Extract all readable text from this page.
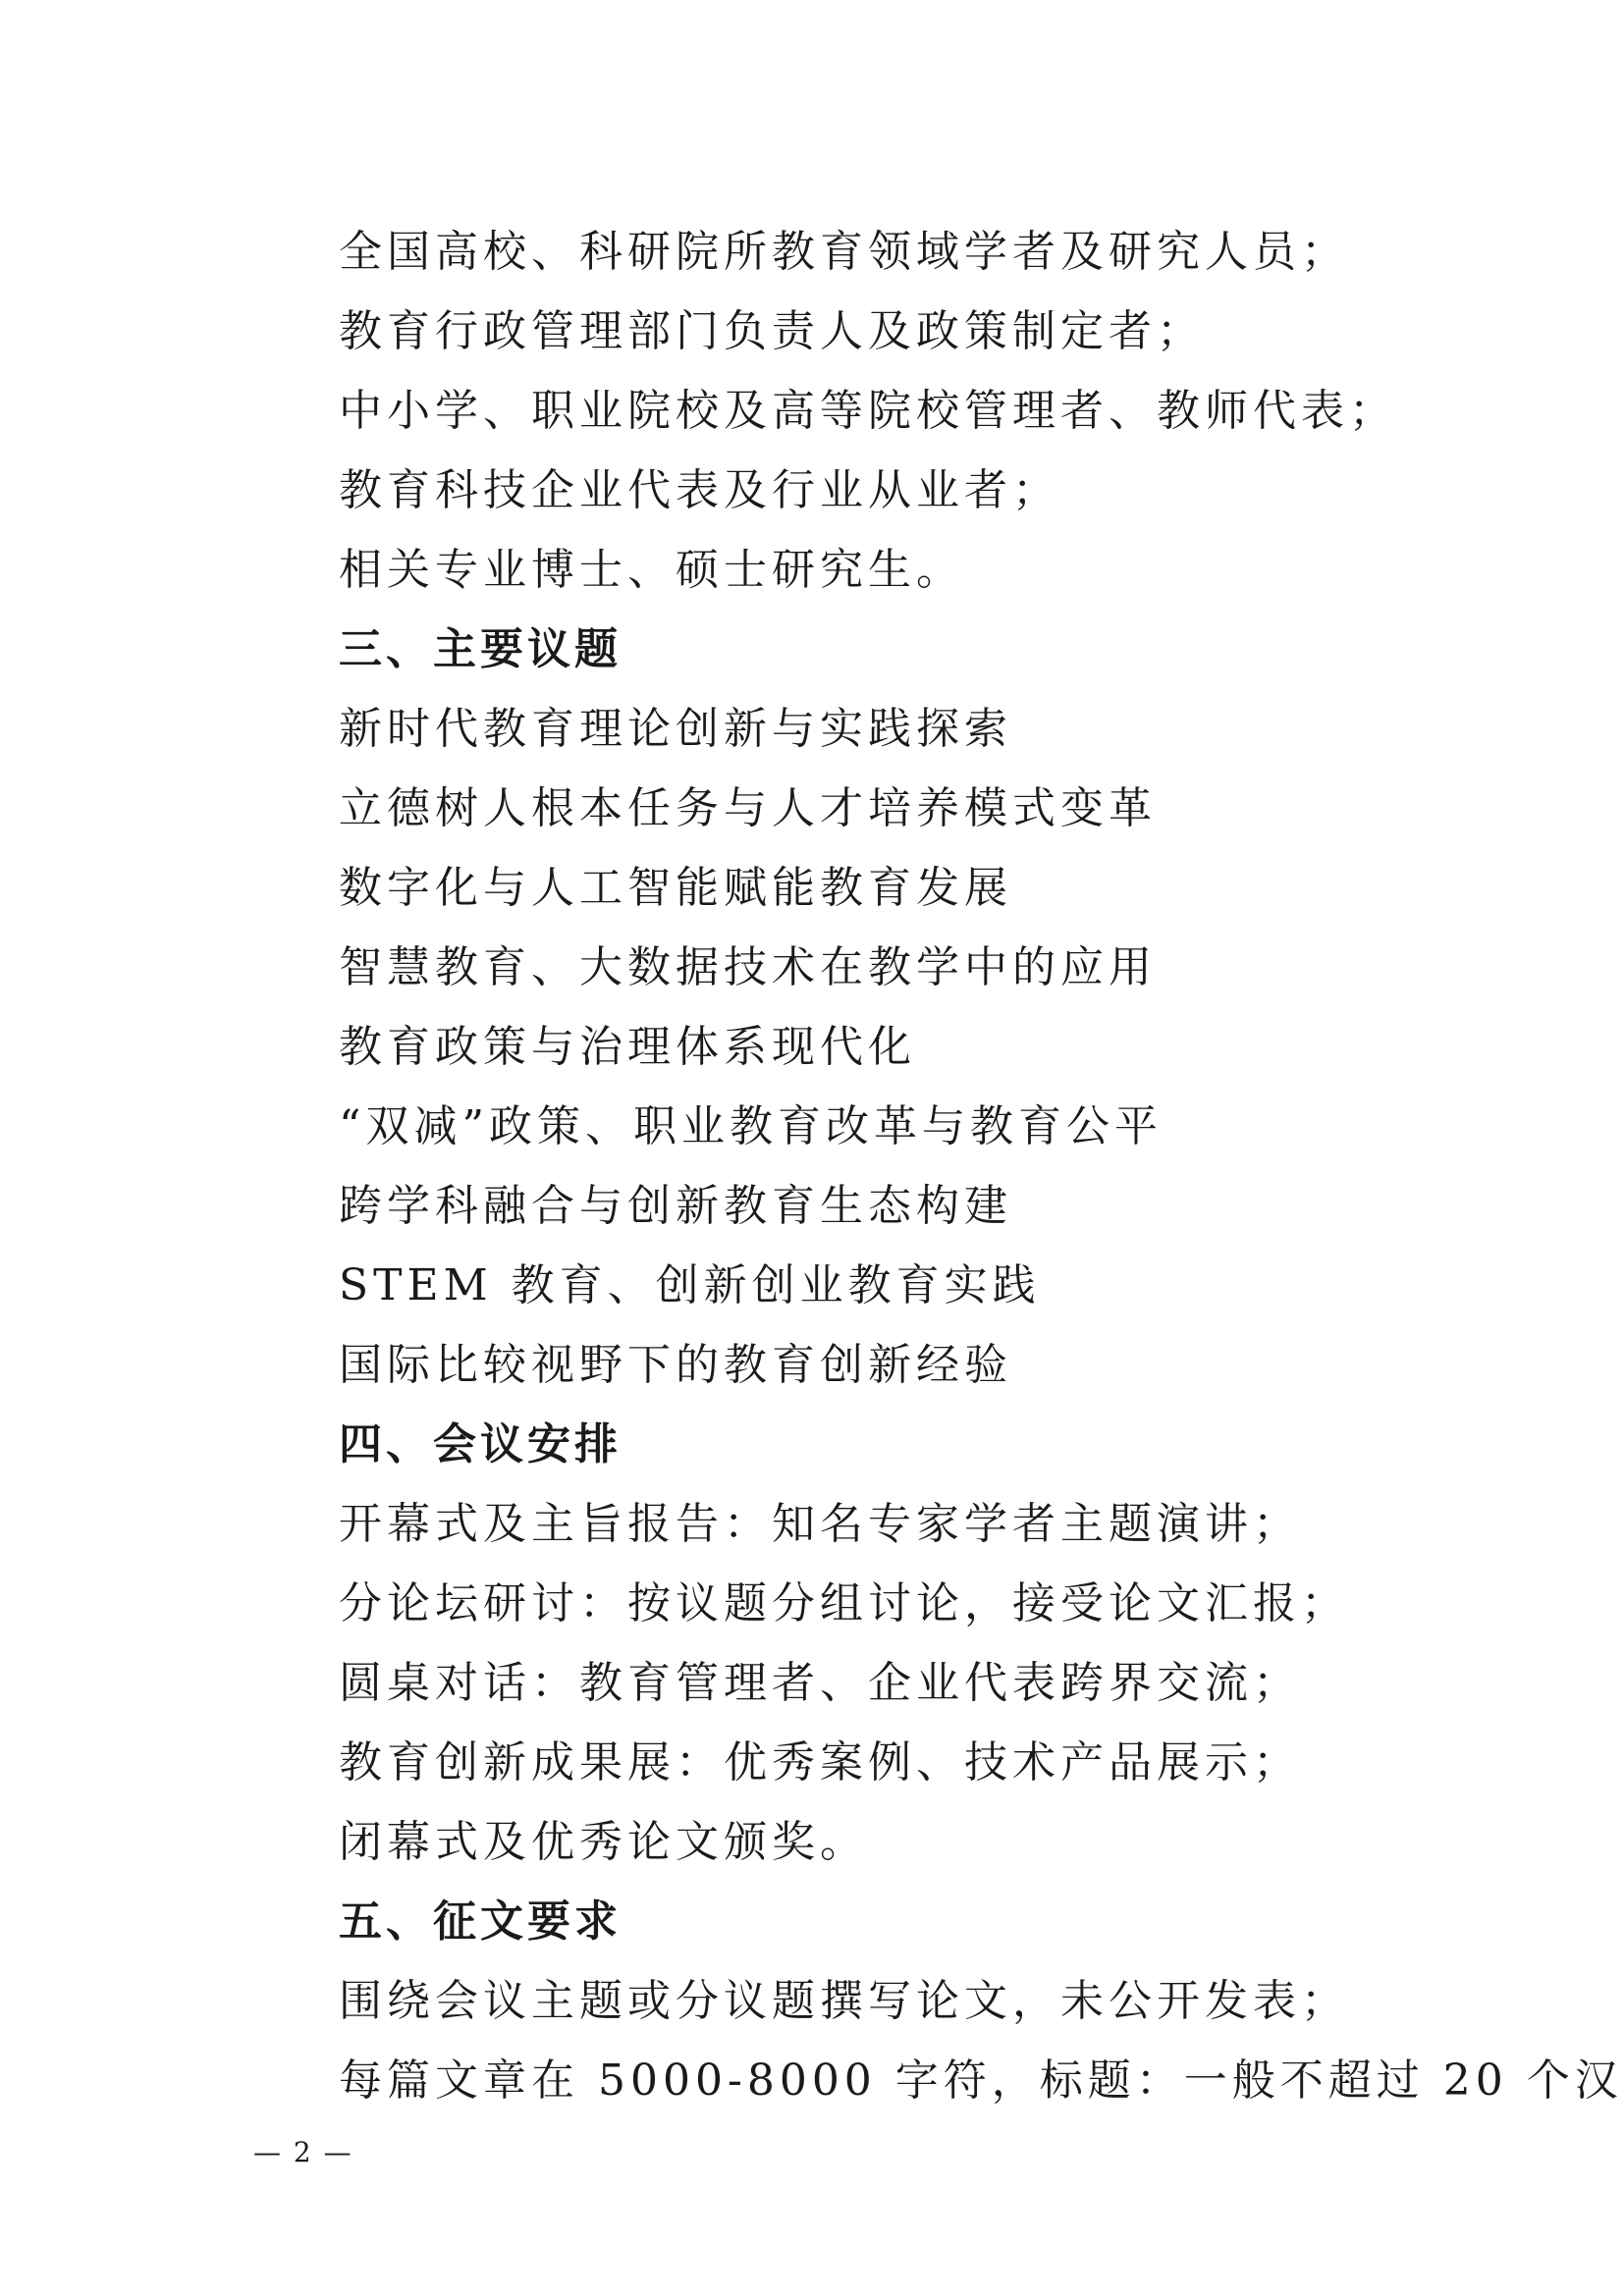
全国高校、科研院所教育领域学者及研究人员；
教育行政管理部门负责人及政策制定者；
中小学、职业院校及高等院校管理者、教师代表；
教育科技企业代表及行业从业者；
相关专业博士、硕士研究生。
三、主要议题
新时代教育理论创新与实践探索
立德树人根本任务与人才培养模式变革
数字化与人工智能赋能教育发展
智慧教育、大数据技术在教学中的应用
教育政策与治理体系现代化
“双减”政策、职业教育改革与教育公平
跨学科融合与创新教育生态构建
STEM 教育、创新创业教育实践
国际比较视野下的教育创新经验
四、会议安排
开幕式及主旨报告：知名专家学者主题演讲；
分论坛研讨：按议题分组讨论，接受论文汇报；
圆桌对话：教育管理者、企业代表跨界交流；
教育创新成果展：优秀案例、技术产品展示；
闭幕式及优秀论文颁奖。
五、征文要求
围绕会议主题或分议题撰写论文，未公开发表；
每篇文章在 5000-8000 字符，标题：一般不超过 20 个汉
— 2 —
